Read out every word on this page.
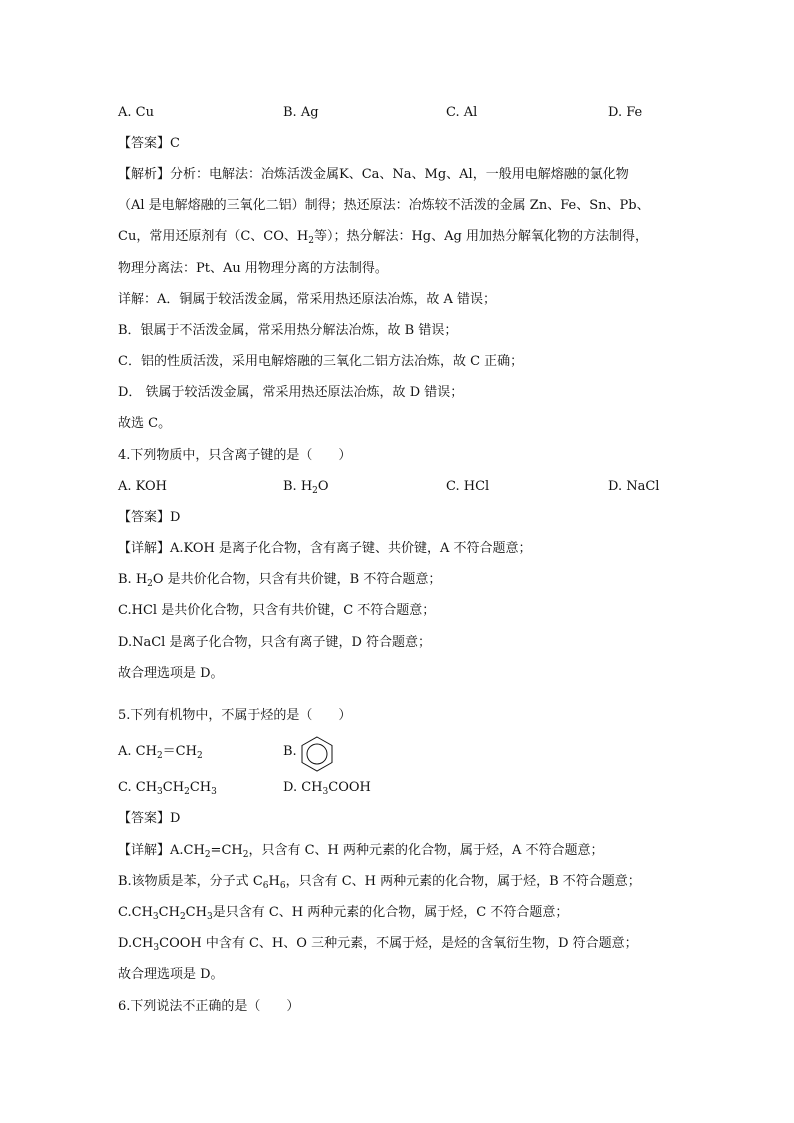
A. Cu	B. Ag	C. Al	D. Fe
【答案】C
【解析】分析：电解法：冶炼活泼金属K、Ca、Na、Mg、Al，一般用电解熔融的氯化物
（Al 是电解熔融的三氧化二铝）制得；热还原法：冶炼较不活泼的金属 Zn、Fe、Sn、Pb、
Cu，常用还原剂有（C、CO、$H_2$等）；热分解法：Hg、Ag 用加热分解氧化物的方法制得，
物理分离法：Pt、Au 用物理分离的方法制得。
详解：A．铜属于较活泼金属，常采用热还原法冶炼，故 A 错误；
B．银属于不活泼金属，常采用热分解法冶炼，故 B 错误；
C．铝的性质活泼，采用电解熔融的三氧化二铝方法冶炼，故 C 正确；
D． 铁属于较活泼金属，常采用热还原法冶炼，故 D 错误；
故选 C。
4.下列物质中，只含离子键的是（　　）
A. KOH	B. $H_2O$	C. HCl	D. NaCl
【答案】D
【详解】A.KOH 是离子化合物，含有离子键、共价键，A 不符合题意；
B. $H_2O$ 是共价化合物，只含有共价键，B 不符合题意；
C.HCl 是共价化合物，只含有共价键，C 不符合题意；
D.NaCl 是离子化合物，只含有离子键，D 符合题意；
故合理选项是 D。
5.下列有机物中，不属于烃的是（　　）
A. $CH_2=CH_2$	B.
C. $CH_3CH_2CH_3$	D. $CH_3COOH$
【答案】D
【详解】$A.CH_2=CH_2$，只含有 C、H 两种元素的化合物，属于烃，A 不符合题意；
B.该物质是苯，分子式 $C_6H_6$，只含有 C、H 两种元素的化合物，属于烃，B 不符合题意；
$C.CH_3CH_2CH_3$是只含有 C、H 两种元素的化合物，属于烃，C 不符合题意；
$D.CH_3COOH$ 中含有 C、H、O 三种元素，不属于烃，是烃的含氧衍生物，D 符合题意；
故合理选项是 D。
6.下列说法不正确的是（　　）
